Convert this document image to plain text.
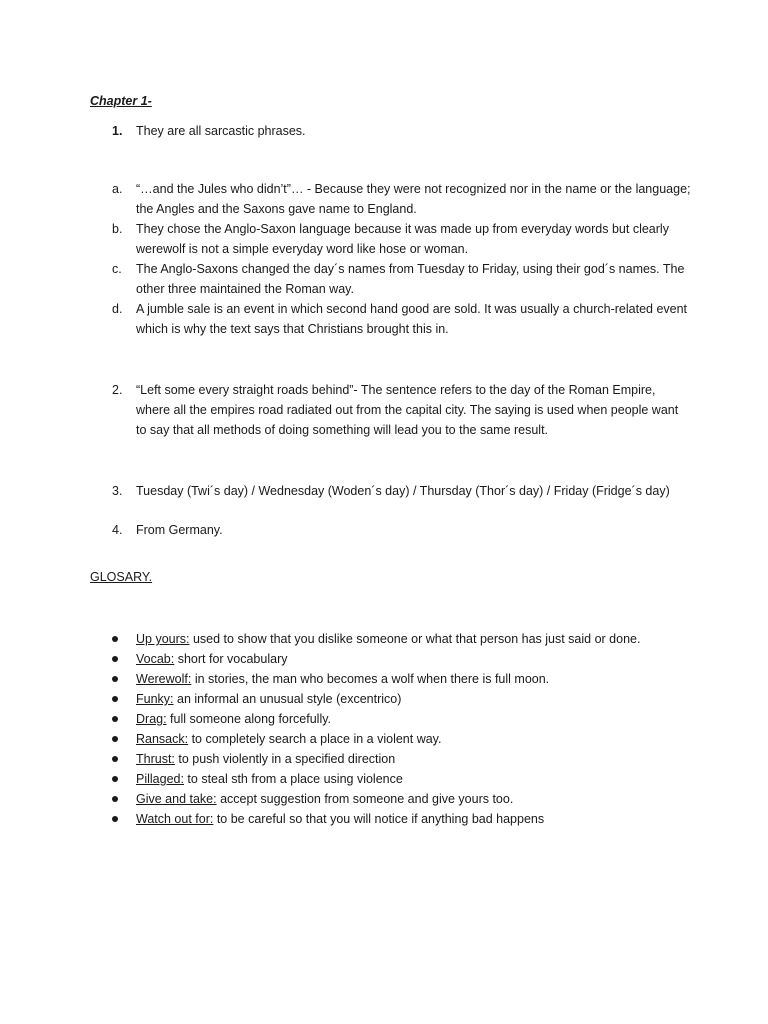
Chapter 1-
1.	They are all sarcastic phrases.
a.	“…and the Jules who didn’t”… - Because they were not recognized nor in the name or the language; the Angles and the Saxons gave name to England.
b.	They chose the Anglo-Saxon language because it was made up from everyday words but clearly werewolf is not a simple everyday word like hose or woman.
c.	The Anglo-Saxons changed the day´s names from Tuesday to Friday, using their god´s names. The other three maintained the Roman way.
d.	A jumble sale is an event in which second hand good are sold. It was usually a church-related event which is why the text says that Christians brought this in.
2.	“Left some every straight roads behind”- The sentence refers to the day of the Roman Empire, where all the empires road radiated out from the capital city. The saying is used when people want to say that all methods of doing something will lead you to the same result.
3.	Tuesday (Twi´s day) / Wednesday (Woden´s day) / Thursday (Thor´s day) / Friday (Fridge´s day)
4.	From Germany.
GLOSARY.
Up yours: used to show that you dislike someone or what that person has just said or done.
Vocab: short for vocabulary
Werewolf: in stories, the man who becomes a wolf when there is full moon.
Funky: an informal an unusual style (excentrico)
Drag: full someone along forcefully.
Ransack: to completely search a place in a violent way.
Thrust: to push violently in a specified direction
Pillaged: to steal sth from a place using violence
Give and take: accept suggestion from someone and give yours too.
Watch out for: to be careful so that you will notice if anything bad happens
